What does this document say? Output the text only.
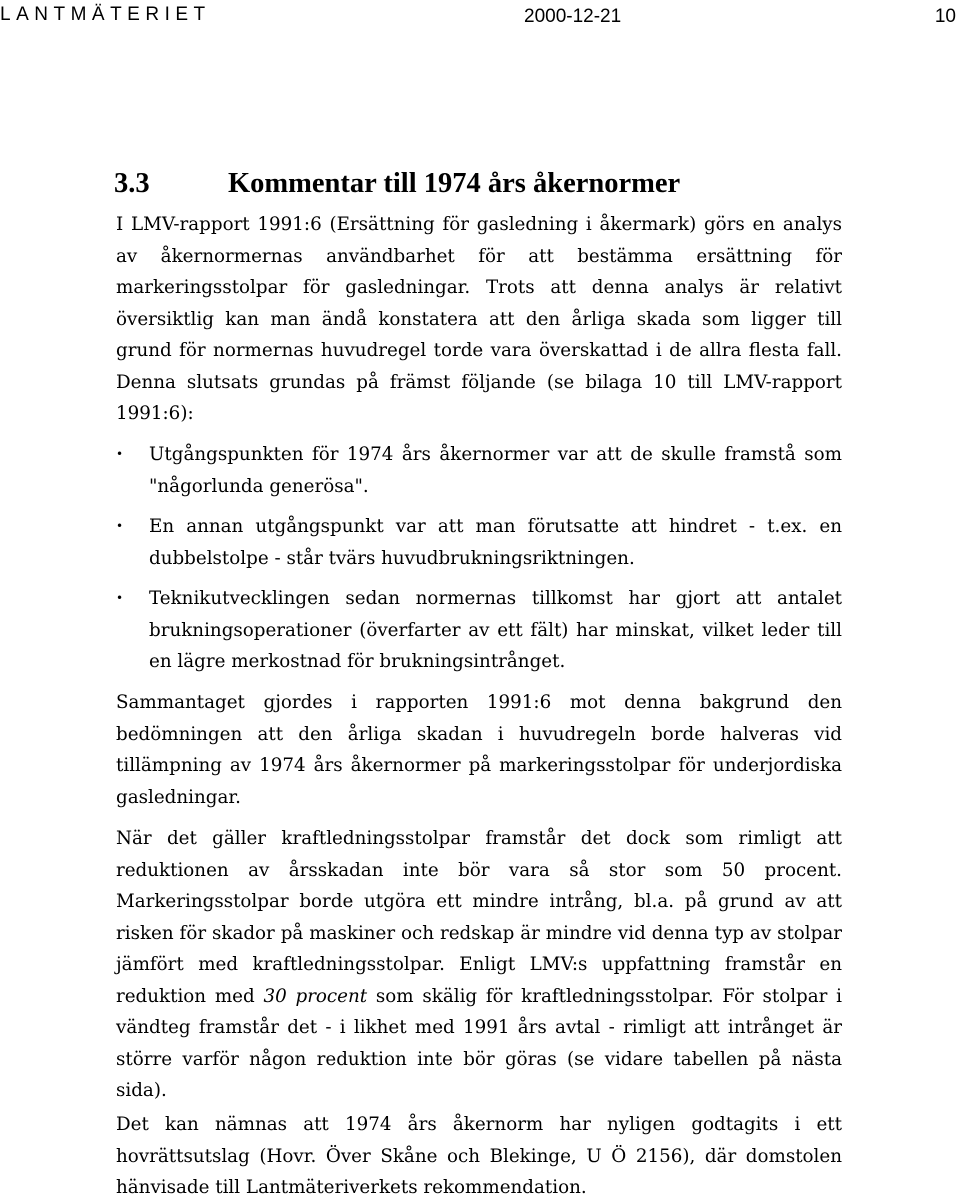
LANTMÄTERIET	2000-12-21	10
3.3	Kommentar till 1974 års åkernormer

I LMV-rapport 1991:6 (Ersättning för gasledning i åkermark) görs en analys av åkernormernas användbarhet för att bestämma ersättning för markeringsstolpar för gasledningar. Trots att denna analys är relativt översiktlig kan man ändå konstatera att den årliga skada som ligger till grund för normernas huvudregel torde vara överskattad i de allra flesta fall. Denna slutsats grundas på främst följande (se bilaga 10 till LMV-rapport 1991:6):

• Utgångspunkten för 1974 års åkernormer var att de skulle framstå som "någorlunda generösa".
• En annan utgångspunkt var att man förutsatte att hindret - t.ex. en dubbelstolpe - står tvärs huvudbrukningsriktningen.
• Teknikutvecklingen sedan normernas tillkomst har gjort att antalet brukningsoperationer (överfarter av ett fält) har minskat, vilket leder till en lägre merkostnad för brukningsintrånget.

Sammantaget gjordes i rapporten 1991:6 mot denna bakgrund den bedömningen att den årliga skadan i huvudregeln borde halveras vid tillämpning av 1974 års åkernormer på markeringsstolpar för underjordiska gasledningar.

När det gäller kraftledningsstolpar framstår det dock som rimligt att reduktionen av årsskadan inte bör vara så stor som 50 procent. Markeringsstolpar borde utgöra ett mindre intrång, bl.a. på grund av att risken för skador på maskiner och redskap är mindre vid denna typ av stolpar jämfört med kraftledningsstolpar. Enligt LMV:s uppfattning framstår en reduktion med 30 procent som skälig för kraftledningsstolpar. För stolpar i vändteg framstår det - i likhet med 1991 års avtal - rimligt att intrånget är större varför någon reduktion inte bör göras (se vidare tabellen på nästa sida).

Det kan nämnas att 1974 års åkernorm har nyligen godtagits i ett hovrättsutslag (Hovr. Över Skåne och Blekinge, U Ö 2156), där domstolen hänvisade till Lantmäteriverkets rekommendation.
